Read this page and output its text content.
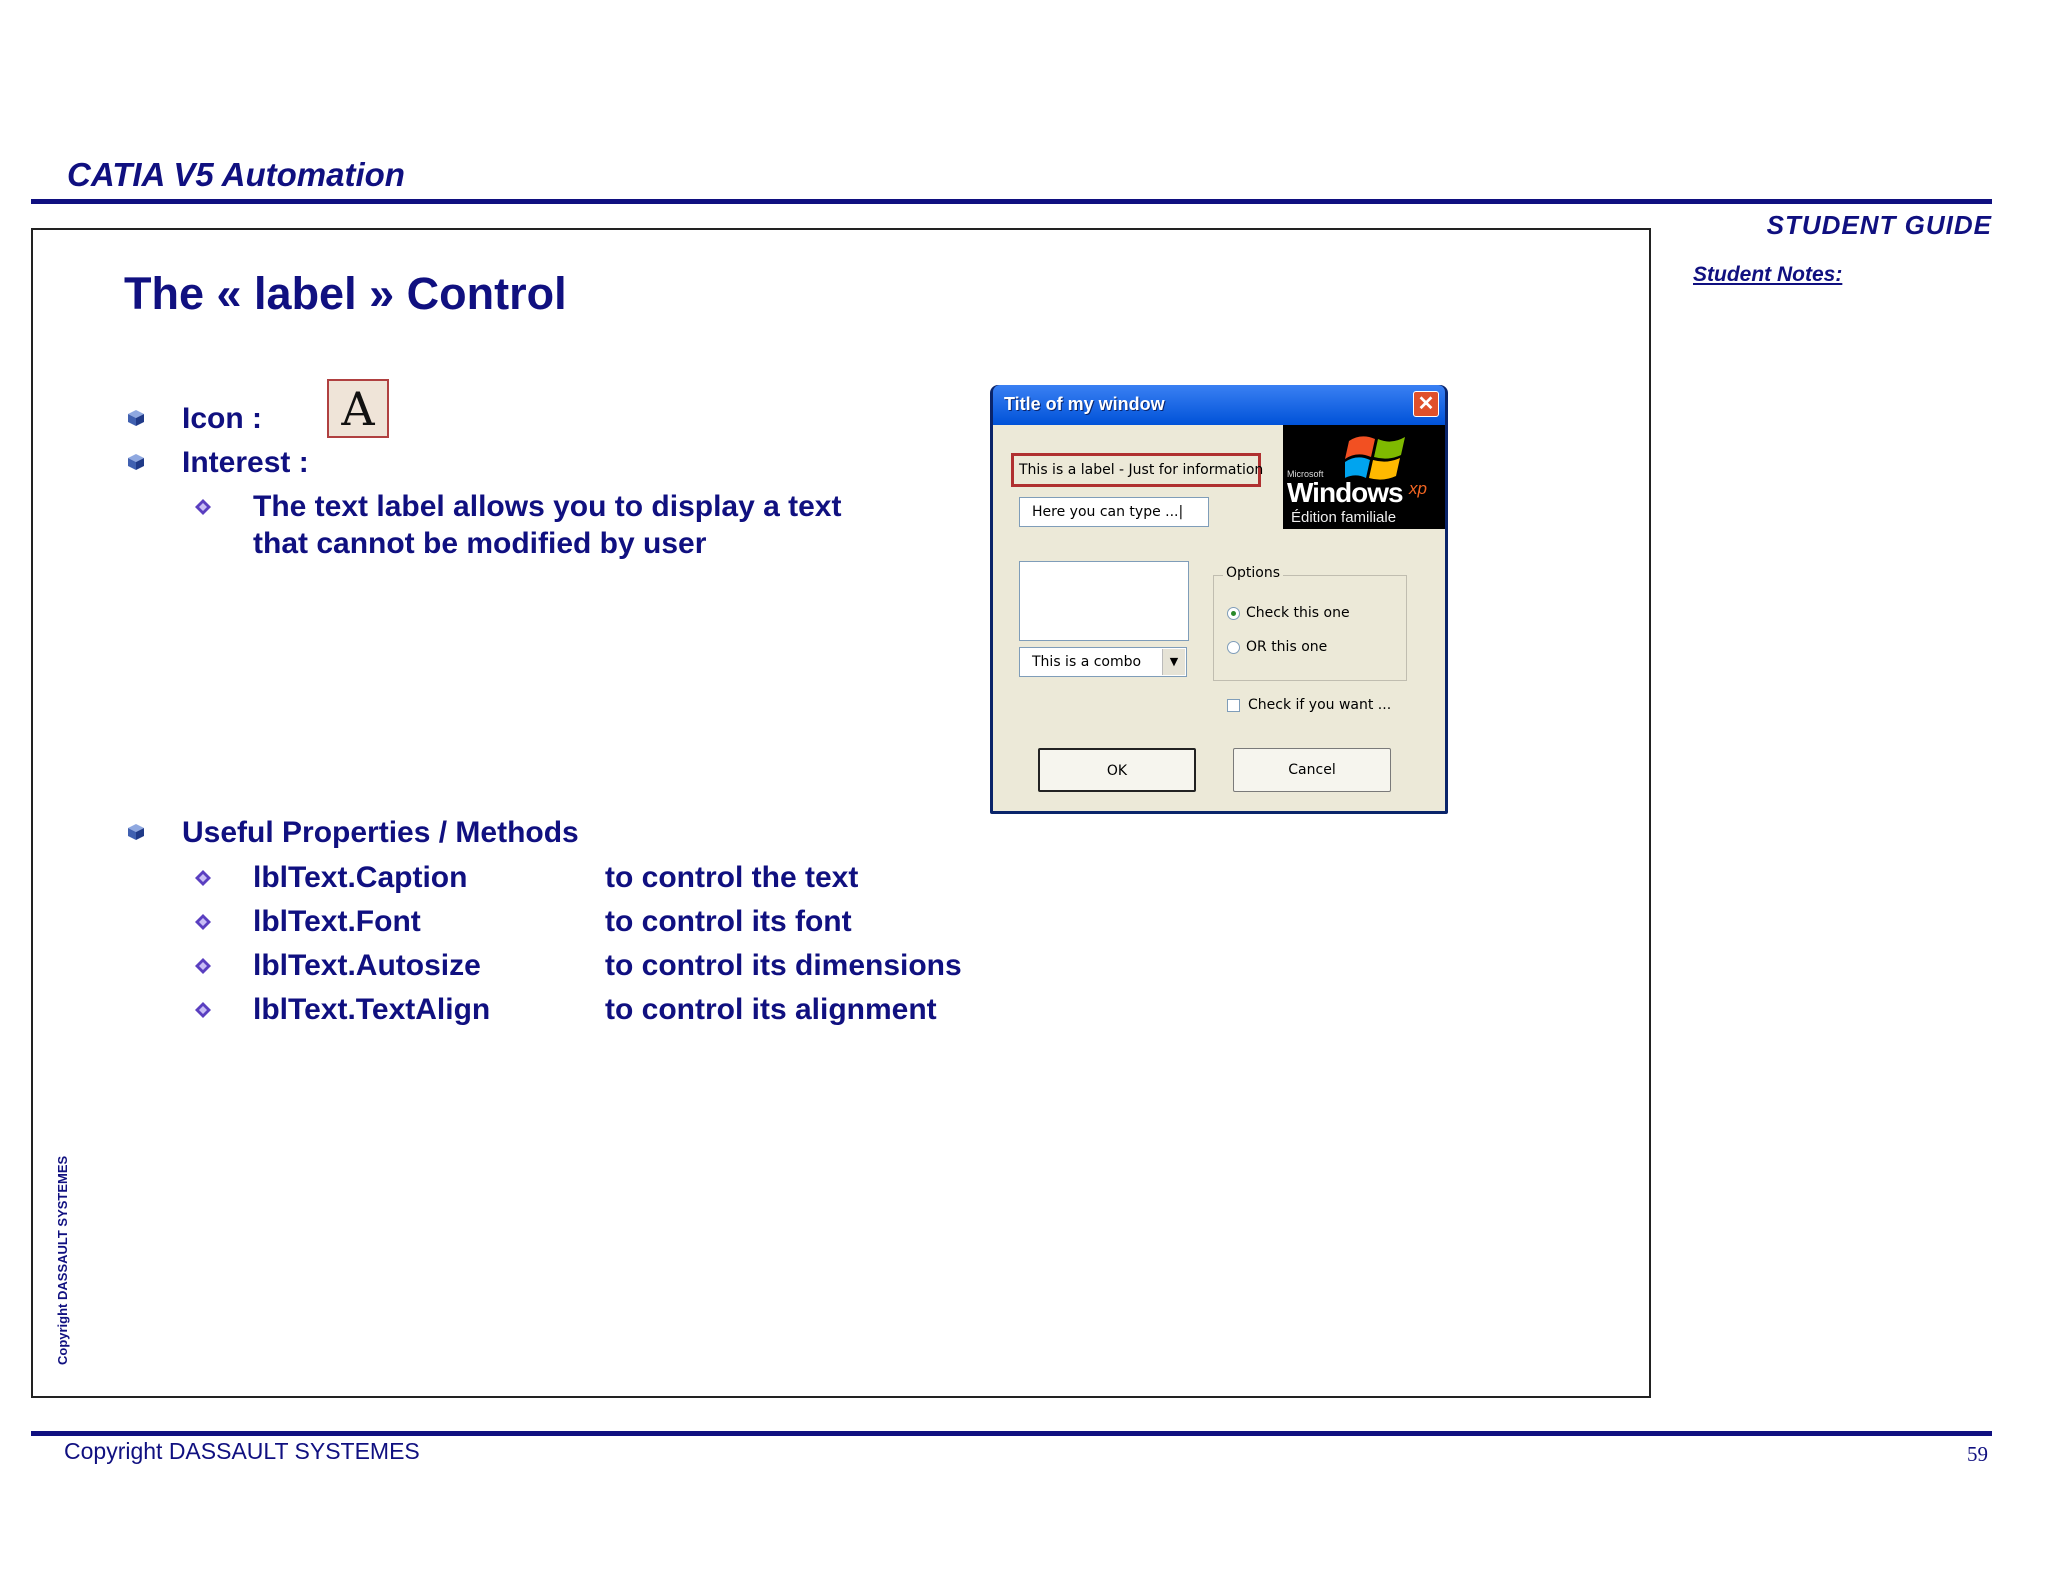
CATIA V5 Automation
STUDENT GUIDE
Student Notes:
The « label » Control
Icon :	A
Interest :
The text label allows you to display a text
that cannot be modified by user
Useful Properties / Methods
lblText.Caption	to control the text
lblText.Font	to control its font
lblText.Autosize	to control its dimensions
lblText.TextAlign	to control its alignment
Title of my window	✕
This is a label - Just for information
Here you can type ...|
Microsoft
Windows xp
Édition familiale
This is a combo	▼
Options
Check this one
OR this one
Check if you want ...
OK	Cancel
Copyright DASSAULT SYSTEMES
Copyright DASSAULT SYSTEMES	59
